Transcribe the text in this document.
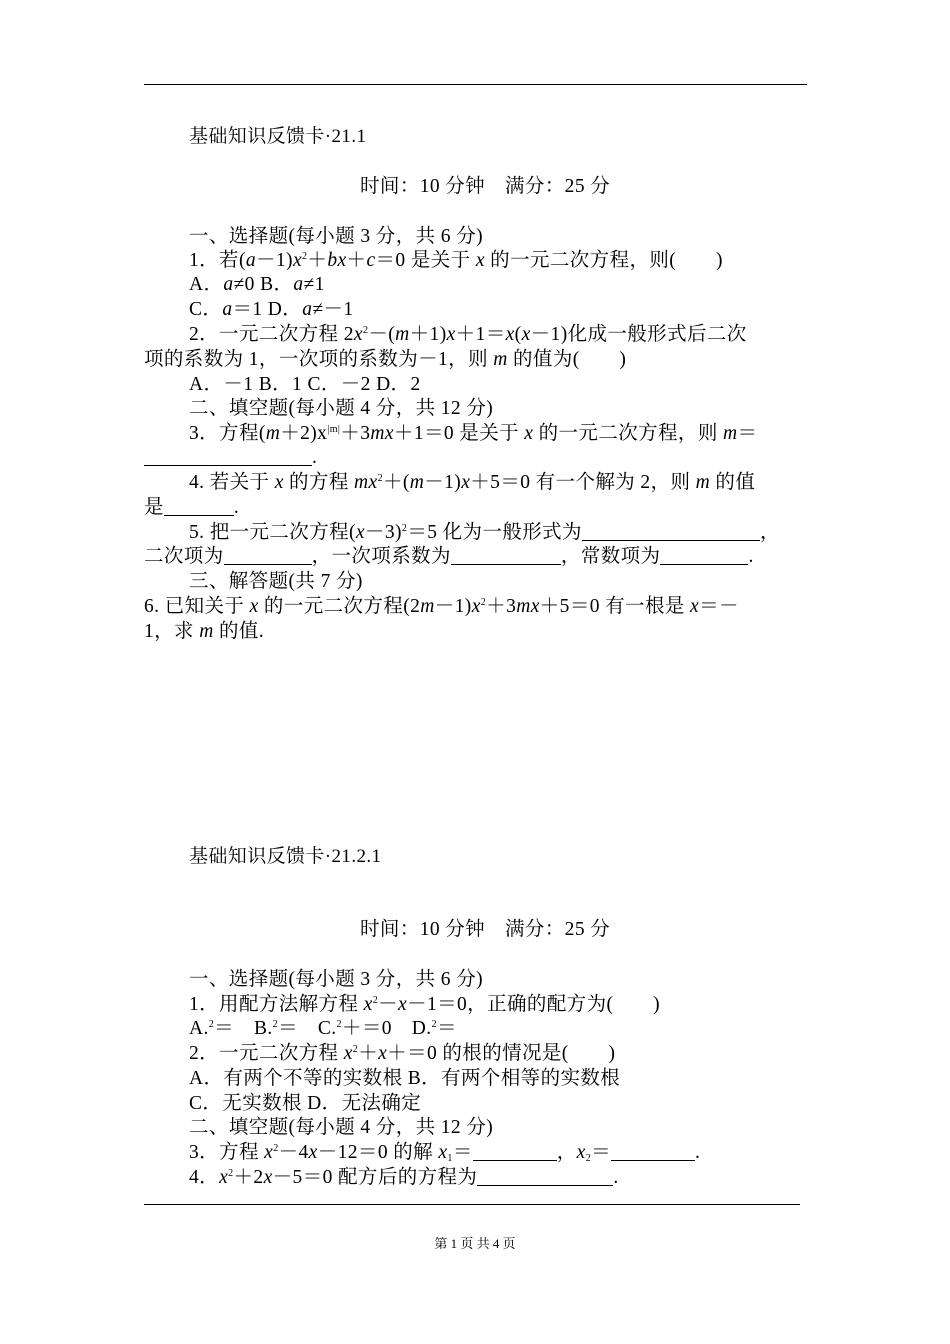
基础知识反馈卡·21.1
时间：10 分钟　满分：25 分
一、选择题(每小题 3 分，共 6 分)
1．若$(a-1)x^2+bx+c=0$ 是关于 x 的一元二次方程，则(　　)
A．a≠0 B．a≠1
C．a＝1 D．a≠－1
2．一元二次方程 $2x^2-(m+1)x+1=x(x-1)$化成一般形式后二次
项的系数为 1，一次项的系数为－1，则 m 的值为(　　)
A．－1 B．1 C．－2 D．2
二、填空题(每小题 4 分，共 12 分)
3．方程$(m+2)x^{|m|}+3mx+1=0$ 是关于 x 的一元二次方程，则 m＝
.
4. 若关于 x 的方程 $mx^2+(m-1)x+5=0$ 有一个解为 2，则 m 的值
是	.
5. 把一元二次方程$(x-3)^2=5$ 化为一般形式为	，
二次项为	，一次项系数为	，常数项为	.
三、解答题(共 7 分)
6. 已知关于 x 的一元二次方程$(2m-1)x^2+3mx+5=0$ 有一根是 x＝－
1，求 m 的值.
基础知识反馈卡·21.2.1
时间：10 分钟　满分：25 分
一、选择题(每小题 3 分，共 6 分)
1．用配方法解方程 $x^2-x-1=0$，正确的配方为(　　)
A.$^2$＝　B.$^2$＝　C.$^2$＋＝0　D.$^2$＝
2．一元二次方程 $x^2+x+=0$ 的根的情况是(　　)
A．有两个不等的实数根 B．有两个相等的实数根
C．无实数根 D．无法确定
二、填空题(每小题 4 分，共 12 分)
3．方程 $x^2-4x-12=0$ 的解 $x_1=$	，$x_2=$	.
4．$x^2+2x-5=0$ 配方后的方程为	.
第 1 页 共 4 页
